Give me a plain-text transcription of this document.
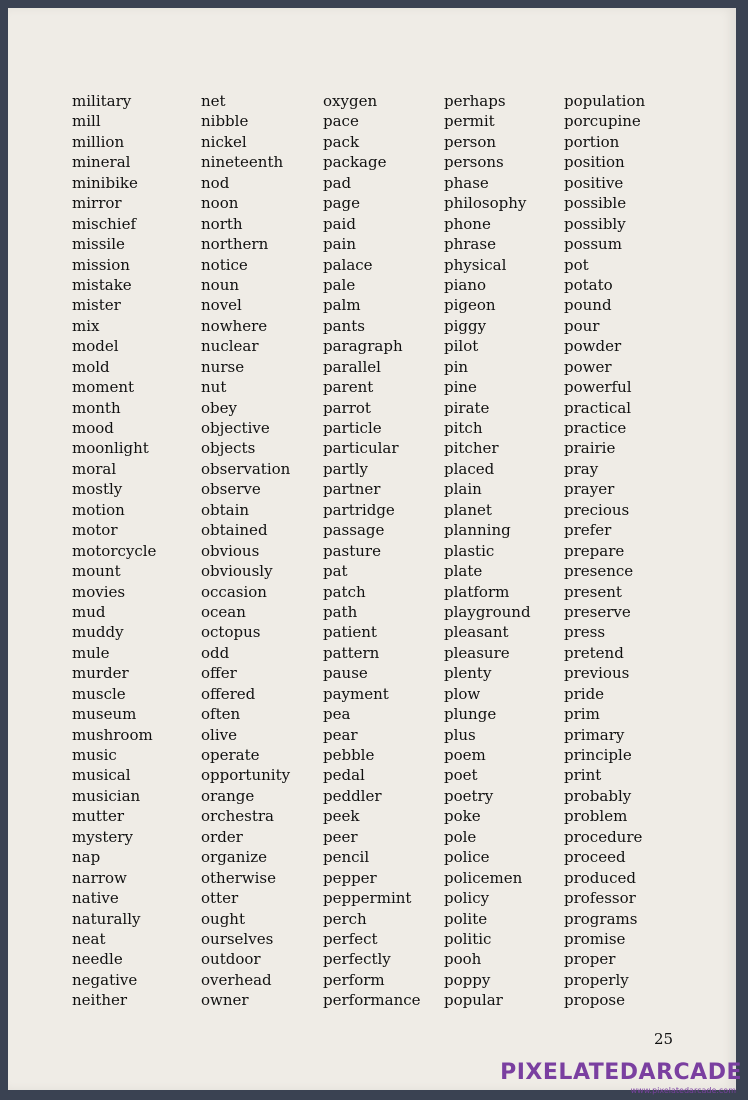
military
mill
million
mineral
minibike
mirror
mischief
missile
mission
mistake
mister
mix
model
mold
moment
month
mood
moonlight
moral
mostly
motion
motor
motorcycle
mount
movies
mud
muddy
mule
murder
muscle
museum
mushroom
music
musical
musician
mutter
mystery
nap
narrow
native
naturally
neat
needle
negative
neither
net
nibble
nickel
nineteenth
nod
noon
north
northern
notice
noun
novel
nowhere
nuclear
nurse
nut
obey
objective
objects
observation
observe
obtain
obtained
obvious
obviously
occasion
ocean
octopus
odd
offer
offered
often
olive
operate
opportunity
orange
orchestra
order
organize
otherwise
otter
ought
ourselves
outdoor
overhead
owner
oxygen
pace
pack
package
pad
page
paid
pain
palace
pale
palm
pants
paragraph
parallel
parent
parrot
particle
particular
partly
partner
partridge
passage
pasture
pat
patch
path
patient
pattern
pause
payment
pea
pear
pebble
pedal
peddler
peek
peer
pencil
pepper
peppermint
perch
perfect
perfectly
perform
performance
perhaps
permit
person
persons
phase
philosophy
phone
phrase
physical
piano
pigeon
piggy
pilot
pin
pine
pirate
pitch
pitcher
placed
plain
planet
planning
plastic
plate
platform
playground
pleasant
pleasure
plenty
plow
plunge
plus
poem
poet
poetry
poke
pole
police
policemen
policy
polite
politic
pooh
poppy
popular
population
porcupine
portion
position
positive
possible
possibly
possum
pot
potato
pound
pour
powder
power
powerful
practical
practice
prairie
pray
prayer
precious
prefer
prepare
presence
present
preserve
press
pretend
previous
pride
prim
primary
principle
print
probably
problem
procedure
proceed
produced
professor
programs
promise
proper
properly
propose
25
PIXELATEDARCADE
www.pixelatedarcade.com
